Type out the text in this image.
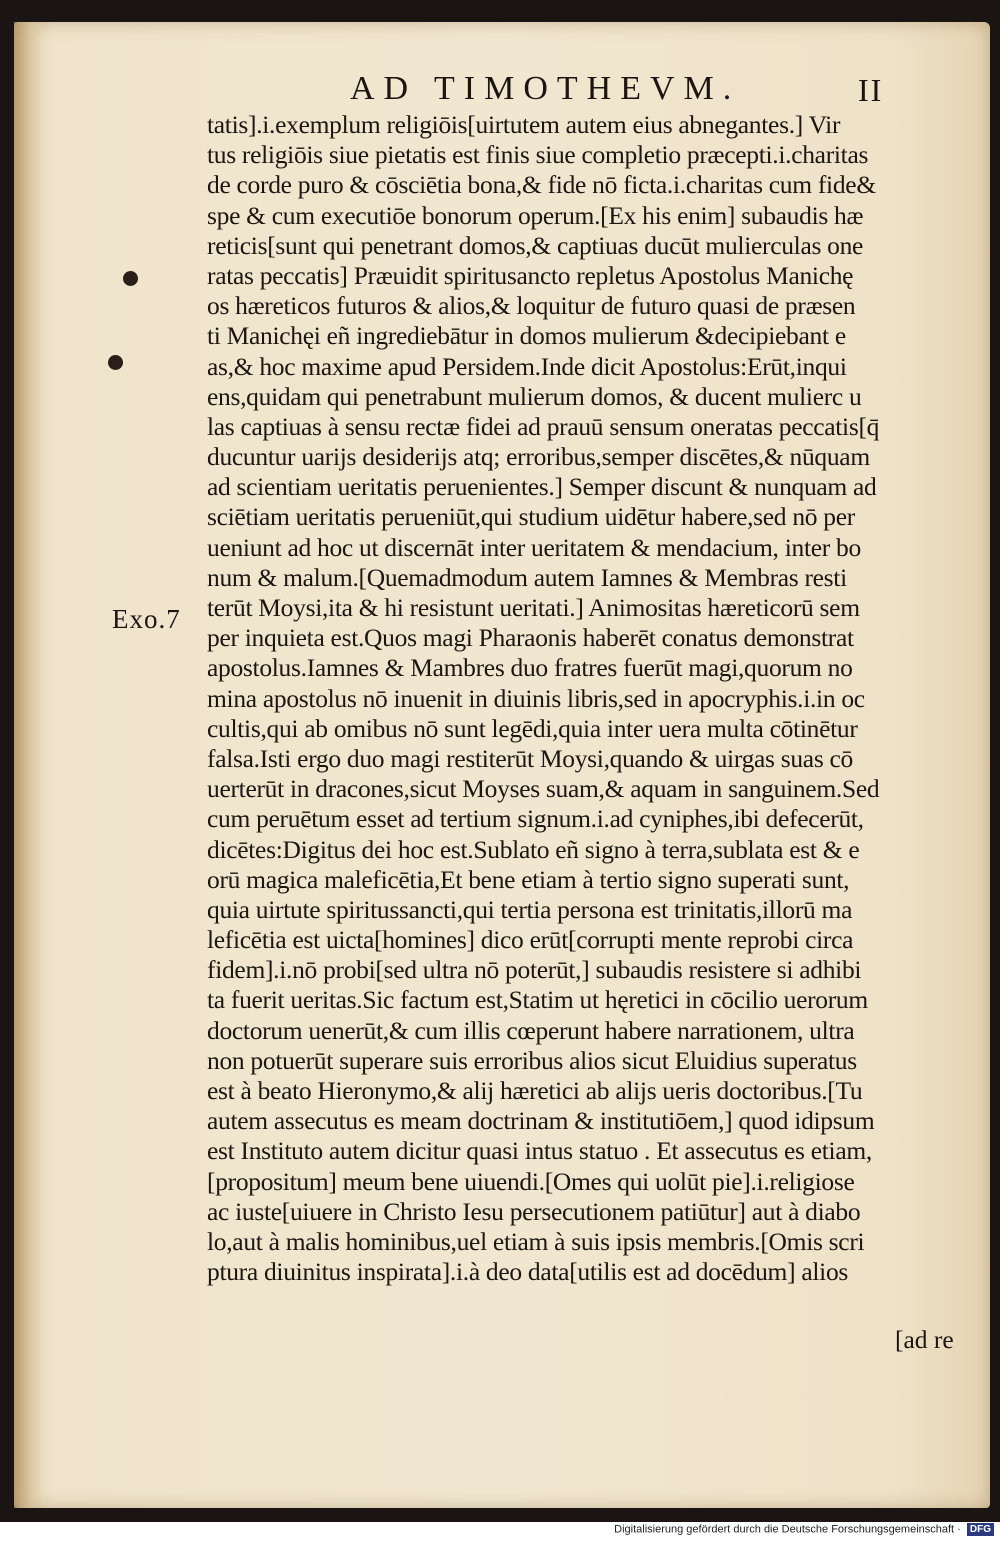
AD TIMOTHEVM.	II
Exo.7
tatis].i.exemplum religiōis[uirtutem autem eius abnegantes.] Vir
tus religiōis siue pietatis est finis siue completio præcepti.i.charitas
de corde puro & cōsciētia bona,& fide nō ficta.i.charitas cum fide&
spe & cum executiōe bonorum operum.[Ex his enim] subaudis hæ
reticis[sunt qui penetrant domos,& captiuas ducūt mulierculas one
ratas peccatis] Præuidit spiritusancto repletus Apostolus Manichę
os hæreticos futuros & alios,& loquitur de futuro quasi de præsen
ti Manichęi eñ ingrediebātur in domos mulierum &decipiebant e
as,& hoc maxime apud Persidem.Inde dicit Apostolus:Erūt,inqui
ens,quidam qui penetrabunt mulierum domos, & ducent mulierc u
las captiuas à sensu rectæ fidei ad prauū sensum oneratas peccatis[q̄
ducuntur uarijs desiderijs atq; erroribus,semper discētes,& nūquam
ad scientiam ueritatis peruenientes.] Semper discunt & nunquam ad
sciētiam ueritatis perueniūt,qui studium uidētur habere,sed nō per
ueniunt ad hoc ut discernāt inter ueritatem & mendacium, inter bo
num & malum.[Quemadmodum autem Iamnes & Membras resti
terūt Moysi,ita & hi resistunt ueritati.] Animositas hæreticorū sem
per inquieta est.Quos magi Pharaonis haberēt conatus demonstrat
apostolus.Iamnes & Mambres duo fratres fuerūt magi,quorum no
mina apostolus nō inuenit in diuinis libris,sed in apocryphis.i.in oc
cultis,qui ab omibus nō sunt legēdi,quia inter uera multa cōtinētur
falsa.Isti ergo duo magi restiterūt Moysi,quando & uirgas suas cō
uerterūt in dracones,sicut Moyses suam,& aquam in sanguinem.Sed
cum peruētum esset ad tertium signum.i.ad cyniphes,ibi defecerūt,
dicētes:Digitus dei hoc est.Sublato eñ signo à terra,sublata est & e
orū magica maleficētia,Et bene etiam à tertio signo superati sunt,
quia uirtute spiritussancti,qui tertia persona est trinitatis,illorū ma
leficētia est uicta[homines] dico erūt[corrupti mente reprobi circa
fidem].i.nō probi[sed ultra nō poterūt,] subaudis resistere si adhibi
ta fuerit ueritas.Sic factum est,Statim ut hęretici in cōcilio uerorum
doctorum uenerūt,& cum illis cœperunt habere narrationem, ultra
non potuerūt superare suis erroribus alios sicut Eluidius superatus
est à beato Hieronymo,& alij hæretici ab alijs ueris doctoribus.[Tu
autem assecutus es meam doctrinam & institutiōem,] quod idipsum
est Instituto autem dicitur quasi intus statuo . Et assecutus es etiam,
[propositum] meum bene uiuendi.[Omes qui uolūt pie].i.religiose
ac iuste[uiuere in Christo Iesu persecutionem patiūtur] aut à diabo
lo,aut à malis hominibus,uel etiam à suis ipsis membris.[Omis scri
ptura diuinitus inspirata].i.à deo data[utilis est ad docēdum] alios
[ad re
Digitalisierung gefördert durch die Deutsche Forschungsgemeinschaft · DFG
